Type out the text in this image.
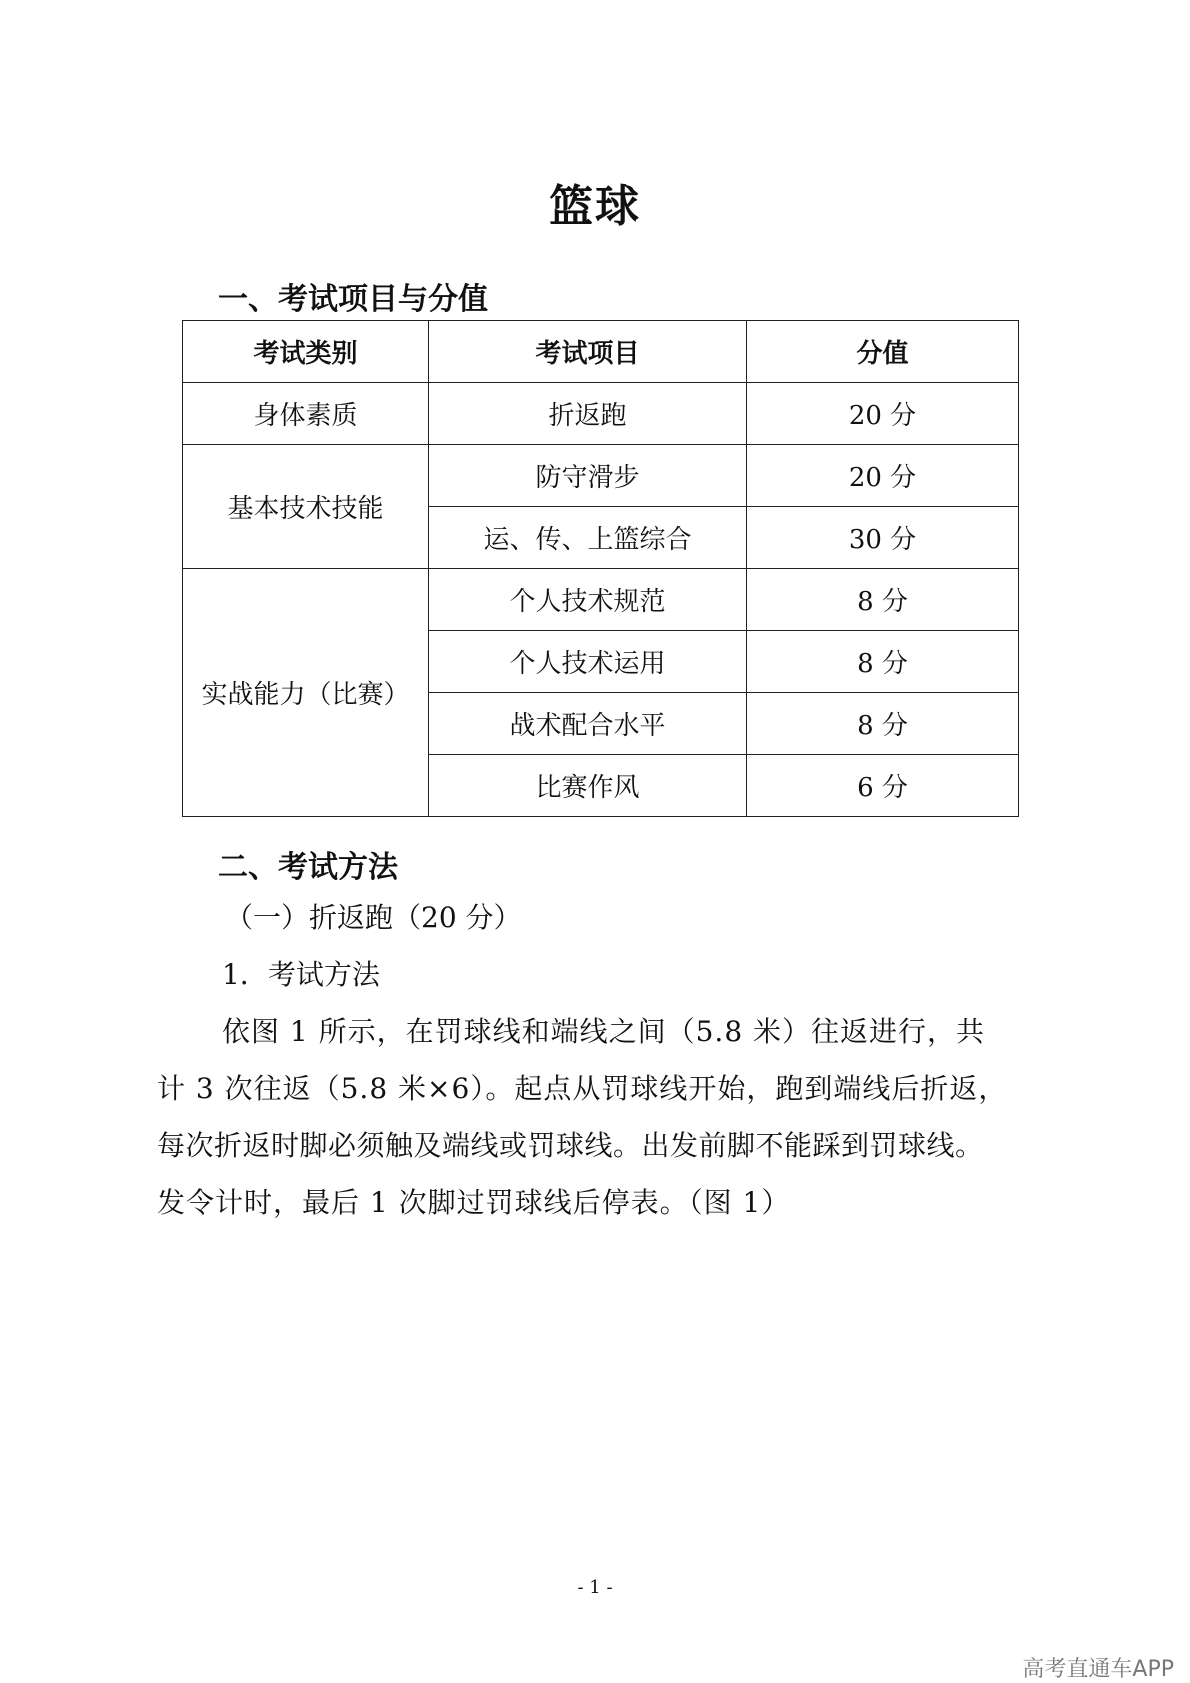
篮球
一、考试项目与分值
考试类别	考试项目	分值
身体素质	折返跑	20 分
基本技术技能	防守滑步	20 分
	运、传、上篮综合	30 分
实战能力（比赛）	个人技术规范	8 分
	个人技术运用	8 分
	战术配合水平	8 分
	比赛作风	6 分
二、考试方法
（一）折返跑（20 分）
1．考试方法
依图 1 所示，在罚球线和端线之间（5.8 米）往返进行，共
计 3 次往返（5.8 米×6）。起点从罚球线开始，跑到端线后折返，
每次折返时脚必须触及端线或罚球线。出发前脚不能踩到罚球线。
发令计时，最后 1 次脚过罚球线后停表。（图 1）
- 1 -
高考直通车APP
